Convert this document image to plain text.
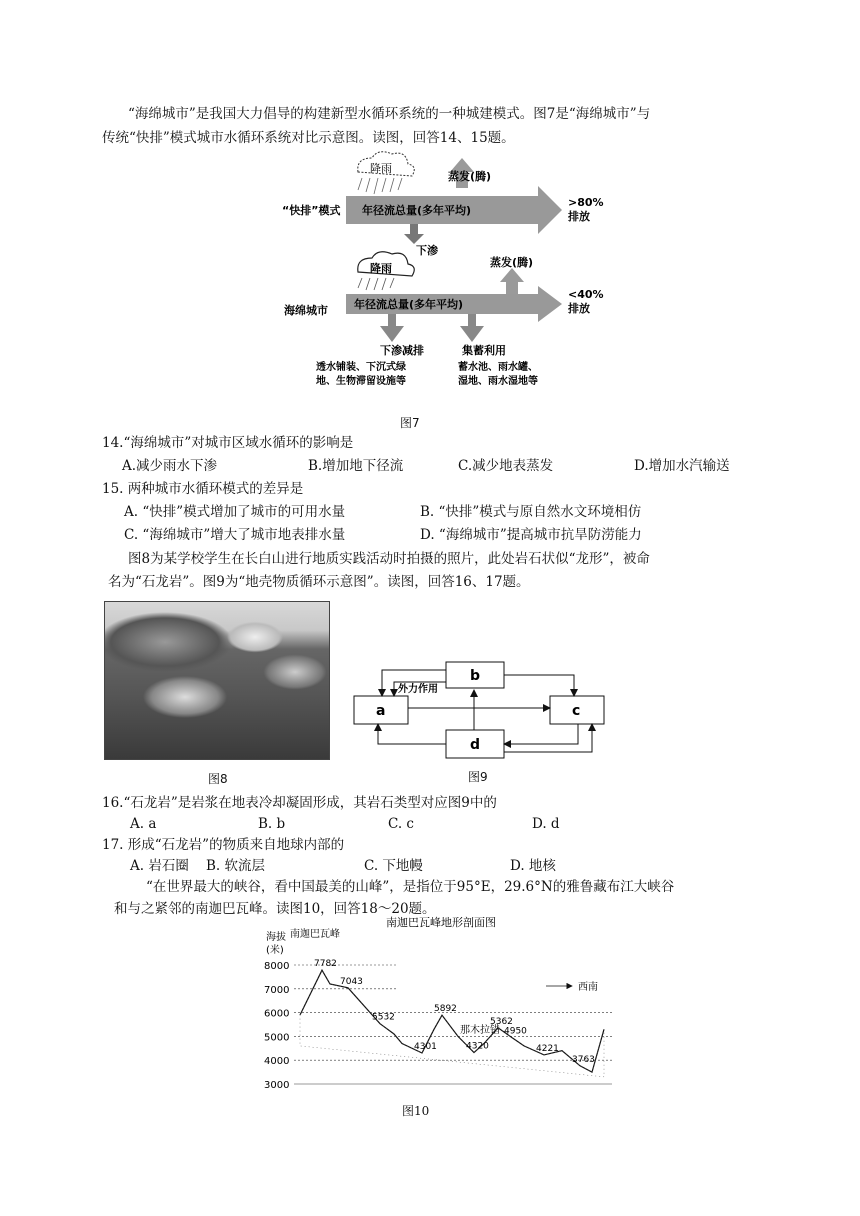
“海绵城市”是我国大力倡导的构建新型水循环系统的一种城建模式。图7是“海绵城市”与
传统“快排”模式城市水循环系统对比示意图。读图，回答14、15题。
降雨
蒸发(腾)
“快排”模式 年径流总量(多年平均)
>80%
排放
下渗
降雨	蒸发(腾)
海绵城市 年径流总量(多年平均)
<40%
排放
下渗减排	集蓄利用
透水铺装、下沉式绿
地、生物滞留设施等
蓄水池、雨水罐、
湿地、雨水湿地等
图7
14.“海绵城市”对城市区域水循环的影响是
A.减少雨水下渗	B.增加地下径流	C.减少地表蒸发	D.增加水汽输送
15. 两种城市水循环模式的差异是
A. “快排”模式增加了城市的可用水量	B. “快排”模式与原自然水文环境相仿
C. “海绵城市”增大了城市地表排水量	D. “海绵城市”提高城市抗旱防涝能力
图8为某学校学生在长白山进行地质实践活动时拍摄的照片，此处岩石状似“龙形”，被命
名为“石龙岩”。图9为“地壳物质循环示意图”。读图，回答16、17题。
图8
a
b
c
d
外力作用
图9
16.“石龙岩”是岩浆在地表冷却凝固形成，其岩石类型对应图9中的
A. a	B. b	C. c	D. d
17. 形成“石龙岩”的物质来自地球内部的
A. 岩石圈 B. 软流层	C. 下地幔	D. 地核
“在世界最大的峡谷，看中国最美的山峰”，是指位于95°E，29.6°N的雅鲁藏布江大峡谷
和与之紧邻的南迦巴瓦峰。读图10，回答18～20题。
南迦巴瓦峰地形剖面图
海拔
(米)
南迦巴瓦峰
8000
7000
6000
5000
4000
3000
7782
7043
5532
4301
5892
4320
5362
4950
4221
3763
西南
那木拉错
图10
